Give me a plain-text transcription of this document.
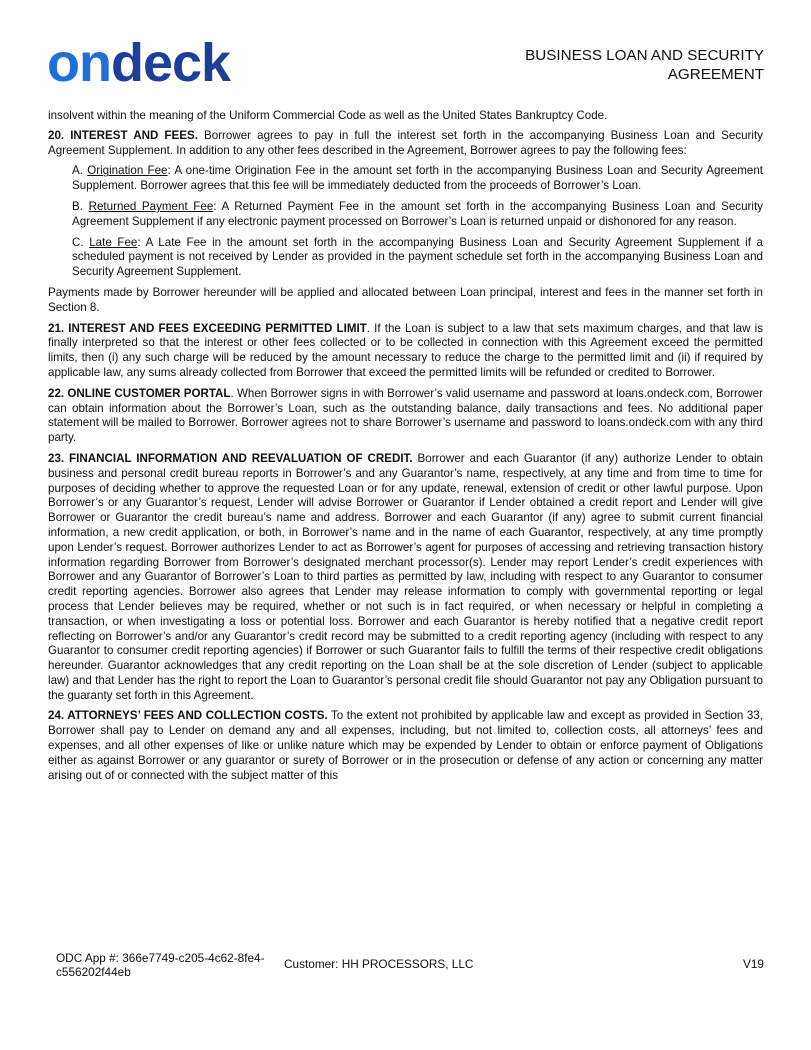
ondeck	BUSINESS LOAN AND SECURITY AGREEMENT

insolvent within the meaning of the Uniform Commercial Code as well as the United States Bankruptcy Code.

20. INTEREST AND FEES. Borrower agrees to pay in full the interest set forth in the accompanying Business Loan and Security Agreement Supplement. In addition to any other fees described in the Agreement, Borrower agrees to pay the following fees:

A. Origination Fee: A one-time Origination Fee in the amount set forth in the accompanying Business Loan and Security Agreement Supplement. Borrower agrees that this fee will be immediately deducted from the proceeds of Borrower’s Loan.

B. Returned Payment Fee: A Returned Payment Fee in the amount set forth in the accompanying Business Loan and Security Agreement Supplement if any electronic payment processed on Borrower’s Loan is returned unpaid or dishonored for any reason.

C. Late Fee: A Late Fee in the amount set forth in the accompanying Business Loan and Security Agreement Supplement if a scheduled payment is not received by Lender as provided in the payment schedule set forth in the accompanying Business Loan and Security Agreement Supplement.

Payments made by Borrower hereunder will be applied and allocated between Loan principal, interest and fees in the manner set forth in Section 8.

21. INTEREST AND FEES EXCEEDING PERMITTED LIMIT. If the Loan is subject to a law that sets maximum charges, and that law is finally interpreted so that the interest or other fees collected or to be collected in connection with this Agreement exceed the permitted limits, then (i) any such charge will be reduced by the amount necessary to reduce the charge to the permitted limit and (ii) if required by applicable law, any sums already collected from Borrower that exceed the permitted limits will be refunded or credited to Borrower.

22. ONLINE CUSTOMER PORTAL. When Borrower signs in with Borrower’s valid username and password at loans.ondeck.com, Borrower can obtain information about the Borrower’s Loan, such as the outstanding balance, daily transactions and fees. No additional paper statement will be mailed to Borrower. Borrower agrees not to share Borrower’s username and password to loans.ondeck.com with any third party.

23. FINANCIAL INFORMATION AND REEVALUATION OF CREDIT. Borrower and each Guarantor (if any) authorize Lender to obtain business and personal credit bureau reports in Borrower’s and any Guarantor’s name, respectively, at any time and from time to time for purposes of deciding whether to approve the requested Loan or for any update, renewal, extension of credit or other lawful purpose. Upon Borrower’s or any Guarantor’s request, Lender will advise Borrower or Guarantor if Lender obtained a credit report and Lender will give Borrower or Guarantor the credit bureau’s name and address. Borrower and each Guarantor (if any) agree to submit current financial information, a new credit application, or both, in Borrower’s name and in the name of each Guarantor, respectively, at any time promptly upon Lender’s request. Borrower authorizes Lender to act as Borrower’s agent for purposes of accessing and retrieving transaction history information regarding Borrower from Borrower’s designated merchant processor(s). Lender may report Lender’s credit experiences with Borrower and any Guarantor of Borrower’s Loan to third parties as permitted by law, including with respect to any Guarantor to consumer credit reporting agencies. Borrower also agrees that Lender may release information to comply with governmental reporting or legal process that Lender believes may be required, whether or not such is in fact required, or when necessary or helpful in completing a transaction, or when investigating a loss or potential loss. Borrower and each Guarantor is hereby notified that a negative credit report reflecting on Borrower’s and/or any Guarantor’s credit record may be submitted to a credit reporting agency (including with respect to any Guarantor to consumer credit reporting agencies) if Borrower or such Guarantor fails to fulfill the terms of their respective credit obligations hereunder. Guarantor acknowledges that any credit reporting on the Loan shall be at the sole discretion of Lender (subject to applicable law) and that Lender has the right to report the Loan to Guarantor’s personal credit file should Guarantor not pay any Obligation pursuant to the guaranty set forth in this Agreement.

24. ATTORNEYS’ FEES AND COLLECTION COSTS. To the extent not prohibited by applicable law and except as provided in Section 33, Borrower shall pay to Lender on demand any and all expenses, including, but not limited to, collection costs, all attorneys’ fees and expenses, and all other expenses of like or unlike nature which may be expended by Lender to obtain or enforce payment of Obligations either as against Borrower or any guarantor or surety of Borrower or in the prosecution or defense of any action or concerning any matter arising out of or connected with the subject matter of this

ODC App #: 366e7749-c205-4c62-8fe4-c556202f44eb
Customer: HH PROCESSORS, LLC	V19
